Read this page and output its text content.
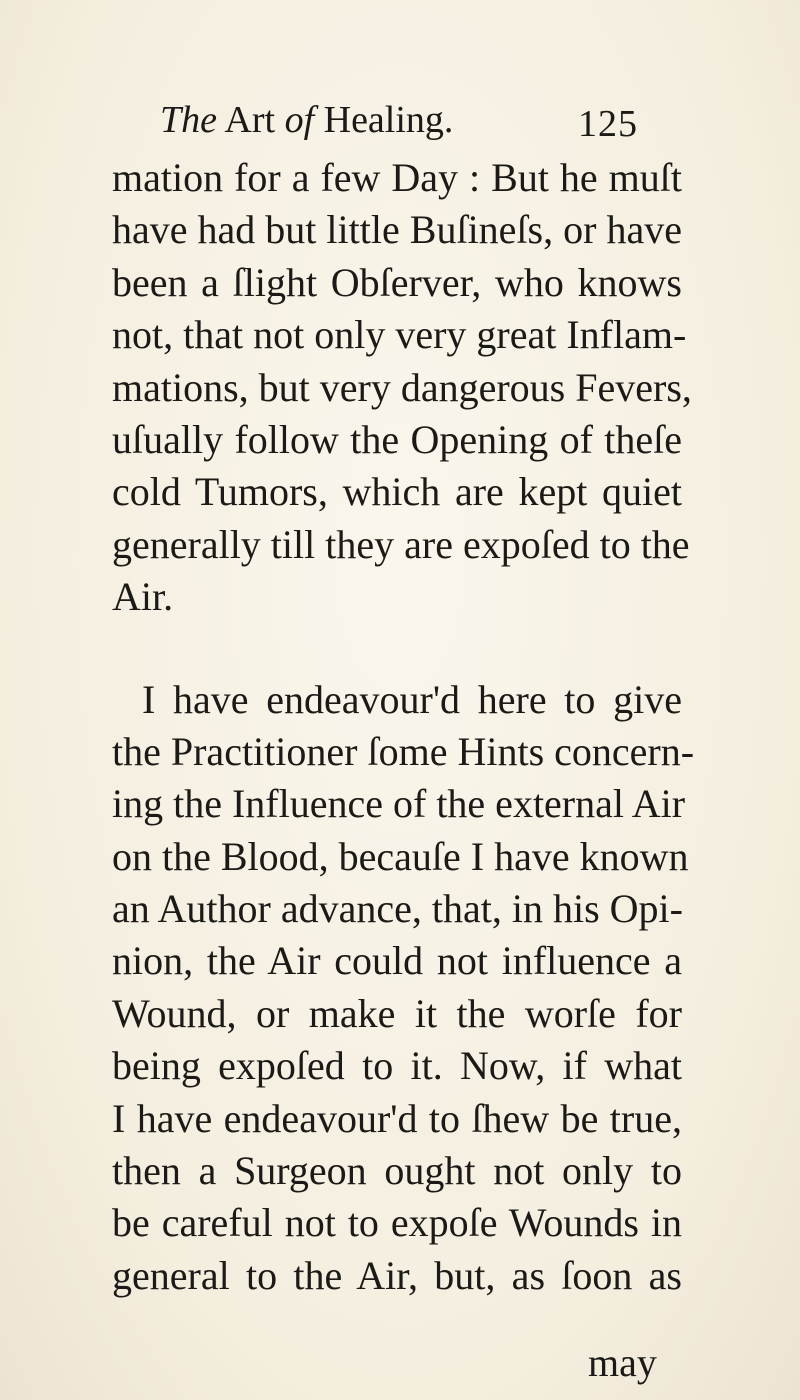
The Art of Healing.	125
mation for a few Day : But he muſt
have had but little Buſineſs, or have
been a ſlight Obſerver, who knows
not, that not only very great Inflam-
mations, but very dangerous Fevers,
uſually follow the Opening of theſe
cold Tumors, which are kept quiet
generally till they are expoſed to the
Air.
I have endeavour'd here to give
the Practitioner ſome Hints concern-
ing the Influence of the external Air
on the Blood, becauſe I have known
an Author advance, that, in his Opi-
nion, the Air could not influence a
Wound, or make it the worſe for
being expoſed to it. Now, if what
I have endeavour'd to ſhew be true,
then a Surgeon ought not only to
be careful not to expoſe Wounds in
general to the Air, but, as ſoon as
may
